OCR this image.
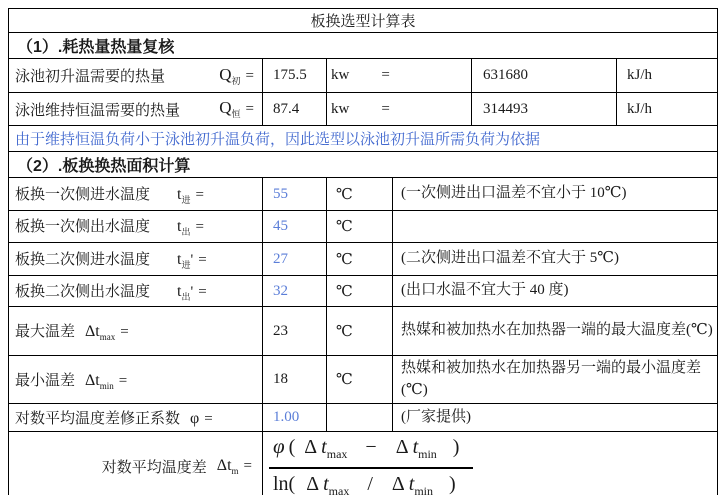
板换选型计算表					
（1）.耗热量热量复核					

泳池初升温需要的热量 $Q_初$ =	175.5	kw =		631680	kJ/h

泳池维持恒温需要的热量 $Q_恒$ =	87.4	kw =		314493	kJ/h
由于维持恒温负荷小于泳池初升温负荷，因此选型以泳池初升温所需负荷为依据					
（2）.板换换热面积计算					
板换一次侧进水温度 $t_进$ =	55	℃	(一次侧进出口温差不宜小于 10℃)		
板换一次侧出水温度 $t_出$ =	45	℃			
板换二次侧进水温度 $t_进'$ =	27	℃	(二次侧进出口温差不宜大于 5℃)		
板换二次侧出水温度 $t_出'$ =	32	℃	(出口水温不宜大于 40 度)		
最大温差 $\Delta t_{max}$ =	23	℃	热媒和被加热水在加热器一端的最大温度差(℃)		
最小温差 $\Delta t_{min}$ =	18	℃	热媒和被加热水在加热器另一端的最小温度差(℃)		
对数平均温度差修正系数 φ =	1.00		(厂家提供)		

对数平均温度差 $\Delta t_m$ =	$\frac{\varphi ( \Delta t_{max} - \Delta t_{min} )}{\ln( \Delta t_{max} / \Delta t_{min} )}$
